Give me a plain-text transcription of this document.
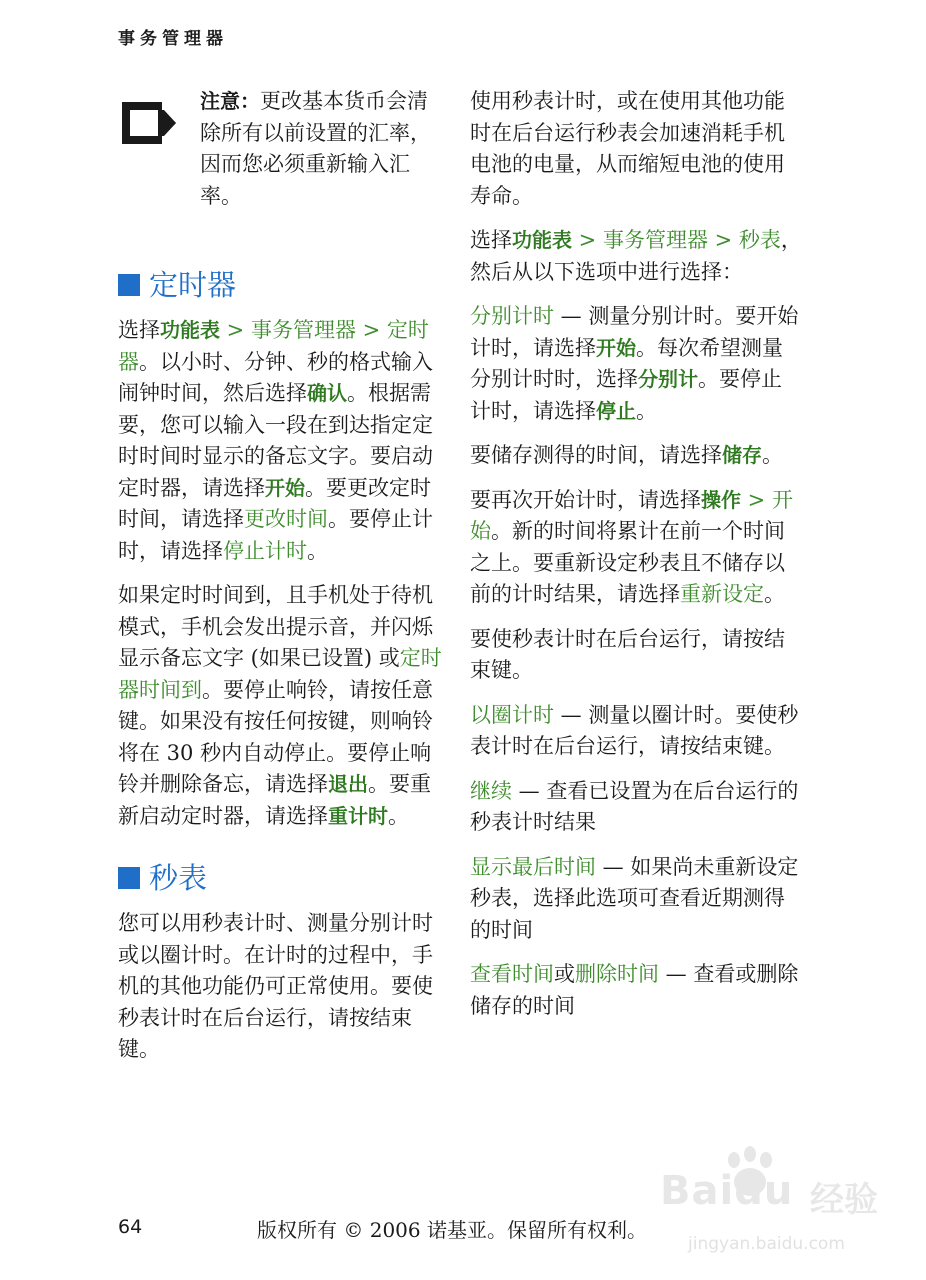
事务管理器

注意：更改基本货币会清除所有以前设置的汇率，因而您必须重新输入汇率。

定时器

选择功能表 > 事务管理器 > 定时器。以小时、分钟、秒的格式输入闹钟时间，然后选择确认。根据需要，您可以输入一段在到达指定定时时间时显示的备忘文字。要启动定时器，请选择开始。要更改定时时间，请选择更改时间。要停止计时，请选择停止计时。

如果定时时间到，且手机处于待机模式，手机会发出提示音，并闪烁显示备忘文字 (如果已设置) 或定时器时间到。要停止响铃，请按任意键。如果没有按任何按键，则响铃将在 30 秒内自动停止。要停止响铃并删除备忘，请选择退出。要重新启动定时器，请选择重计时。

秒表

您可以用秒表计时、测量分别计时或以圈计时。在计时的过程中，手机的其他功能仍可正常使用。要使秒表计时在后台运行，请按结束键。

使用秒表计时，或在使用其他功能时在后台运行秒表会加速消耗手机电池的电量，从而缩短电池的使用寿命。

选择功能表 > 事务管理器 > 秒表，然后从以下选项中进行选择：

分别计时 — 测量分别计时。要开始计时，请选择开始。每次希望测量分别计时时，选择分别计。要停止计时，请选择停止。

要储存测得的时间，请选择储存。

要再次开始计时，请选择操作 > 开始。新的时间将累计在前一个时间之上。要重新设定秒表且不储存以前的计时结果，请选择重新设定。

要使秒表计时在后台运行，请按结束键。

以圈计时 — 测量以圈计时。要使秒表计时在后台运行，请按结束键。

继续 — 查看已设置为在后台运行的秒表计时结果

显示最后时间 — 如果尚未重新设定秒表，选择此选项可查看近期测得的时间

查看时间或删除时间 — 查看或删除储存的时间

64	版权所有 © 2006 诺基亚。保留所有权利。
Baidu 经验
jingyan.baidu.com
